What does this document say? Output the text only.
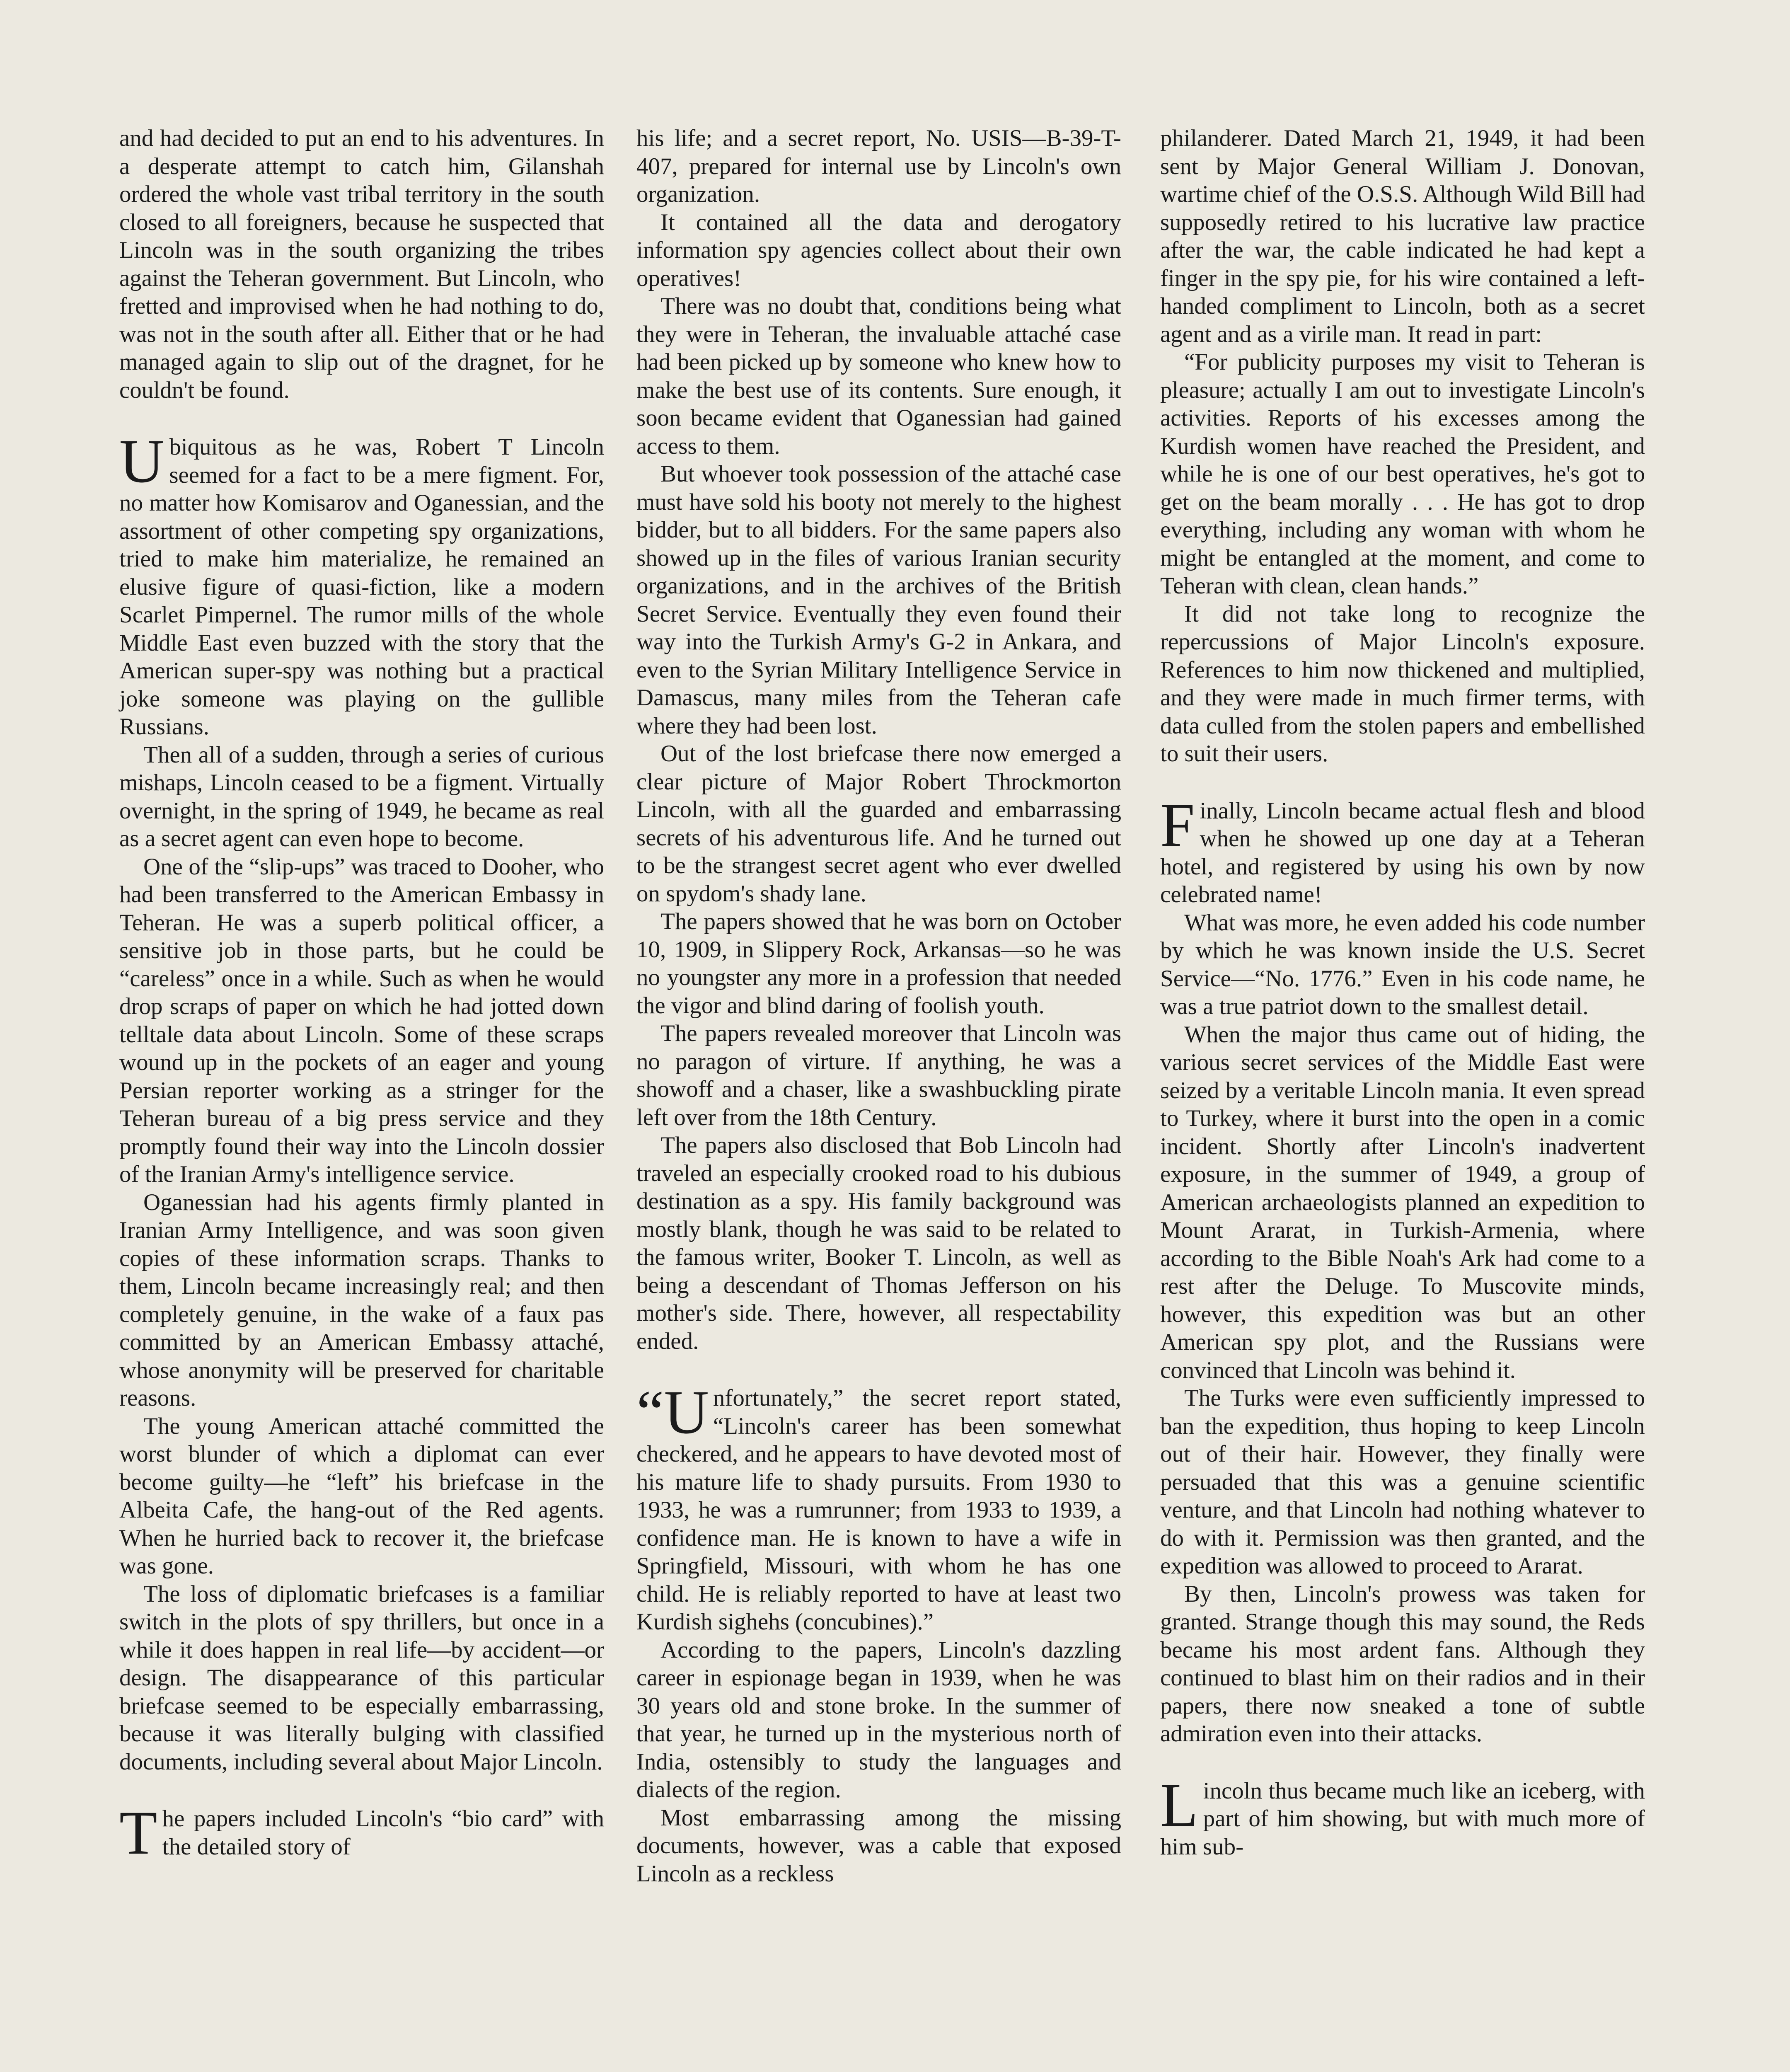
and had decided to put an end to his adventures. In a desperate attempt to catch him, Gilanshah ordered the whole vast tribal territory in the south closed to all foreigners, because he suspected that Lincoln was in the south organizing the tribes against the Teheran government. But Lincoln, who fretted and improvised when he had nothing to do, was not in the south after all. Either that or he had managed again to slip out of the dragnet, for he couldn't be found.

Ubiquitous as he was, Robert T Lincoln seemed for a fact to be a mere figment. For, no matter how Komisarov and Oganessian, and the assortment of other competing spy organizations, tried to make him materialize, he remained an elusive figure of quasi-fiction, like a modern Scarlet Pimpernel. The rumor mills of the whole Middle East even buzzed with the story that the American super-spy was nothing but a practical joke someone was playing on the gullible Russians.

Then all of a sudden, through a series of curious mishaps, Lincoln ceased to be a figment. Virtually overnight, in the spring of 1949, he became as real as a secret agent can even hope to become.

One of the “slip-ups” was traced to Dooher, who had been transferred to the American Embassy in Teheran. He was a superb political officer, a sensitive job in those parts, but he could be “careless” once in a while. Such as when he would drop scraps of paper on which he had jotted down telltale data about Lincoln. Some of these scraps wound up in the pockets of an eager and young Persian reporter working as a stringer for the Teheran bureau of a big press service and they promptly found their way into the Lincoln dossier of the Iranian Army's intelligence service.

Oganessian had his agents firmly planted in Iranian Army Intelligence, and was soon given copies of these information scraps. Thanks to them, Lincoln became increasingly real; and then completely genuine, in the wake of a faux pas committed by an American Embassy attaché, whose anonymity will be preserved for charitable reasons.

The young American attaché committed the worst blunder of which a diplomat can ever become guilty—he “left” his briefcase in the Albeita Cafe, the hang-out of the Red agents. When he hurried back to recover it, the briefcase was gone.

The loss of diplomatic briefcases is a familiar switch in the plots of spy thrillers, but once in a while it does happen in real life—by accident—or design. The disappearance of this particular briefcase seemed to be especially embarrassing, because it was literally bulging with classified documents, including several about Major Lincoln.

The papers included Lincoln's “bio card” with the detailed story of

his life; and a secret report, No. USIS—B-39-T-407, prepared for internal use by Lincoln's own organization.

It contained all the data and derogatory information spy agencies collect about their own operatives!

There was no doubt that, conditions being what they were in Teheran, the invaluable attaché case had been picked up by someone who knew how to make the best use of its contents. Sure enough, it soon became evident that Oganessian had gained access to them.

But whoever took possession of the attaché case must have sold his booty not merely to the highest bidder, but to all bidders. For the same papers also showed up in the files of various Iranian security organizations, and in the archives of the British Secret Service. Eventually they even found their way into the Turkish Army's G-2 in Ankara, and even to the Syrian Military Intelligence Service in Damascus, many miles from the Teheran cafe where they had been lost.

Out of the lost briefcase there now emerged a clear picture of Major Robert Throckmorton Lincoln, with all the guarded and embarrassing secrets of his adventurous life. And he turned out to be the strangest secret agent who ever dwelled on spydom's shady lane.

The papers showed that he was born on October 10, 1909, in Slippery Rock, Arkansas—so he was no youngster any more in a profession that needed the vigor and blind daring of foolish youth.

The papers revealed moreover that Lincoln was no paragon of virture. If anything, he was a showoff and a chaser, like a swashbuckling pirate left over from the 18th Century.

The papers also disclosed that Bob Lincoln had traveled an especially crooked road to his dubious destination as a spy. His family background was mostly blank, though he was said to be related to the famous writer, Booker T. Lincoln, as well as being a descendant of Thomas Jefferson on his mother's side. There, however, all respectability ended.

“Unfortunately,” the secret report stated, “Lincoln's career has been somewhat checkered, and he appears to have devoted most of his mature life to shady pursuits. From 1930 to 1933, he was a rumrunner; from 1933 to 1939, a confidence man. He is known to have a wife in Springfield, Missouri, with whom he has one child. He is reliably reported to have at least two Kurdish sighehs (concubines).”

According to the papers, Lincoln's dazzling career in espionage began in 1939, when he was 30 years old and stone broke. In the summer of that year, he turned up in the mysterious north of India, ostensibly to study the languages and dialects of the region.

Most embarrassing among the missing documents, however, was a cable that exposed Lincoln as a reckless

philanderer. Dated March 21, 1949, it had been sent by Major General William J. Donovan, wartime chief of the O.S.S. Although Wild Bill had supposedly retired to his lucrative law practice after the war, the cable indicated he had kept a finger in the spy pie, for his wire contained a left-handed compliment to Lincoln, both as a secret agent and as a virile man. It read in part:

“For publicity purposes my visit to Teheran is pleasure; actually I am out to investigate Lincoln's activities. Reports of his excesses among the Kurdish women have reached the President, and while he is one of our best operatives, he's got to get on the beam morally . . . He has got to drop everything, including any woman with whom he might be entangled at the moment, and come to Teheran with clean, clean hands.”

It did not take long to recognize the repercussions of Major Lincoln's exposure. References to him now thickened and multiplied, and they were made in much firmer terms, with data culled from the stolen papers and embellished to suit their users.

Finally, Lincoln became actual flesh and blood when he showed up one day at a Teheran hotel, and registered by using his own by now celebrated name!

What was more, he even added his code number by which he was known inside the U.S. Secret Service—“No. 1776.” Even in his code name, he was a true patriot down to the smallest detail.

When the major thus came out of hiding, the various secret services of the Middle East were seized by a veritable Lincoln mania. It even spread to Turkey, where it burst into the open in a comic incident. Shortly after Lincoln's inadvertent exposure, in the summer of 1949, a group of American archaeologists planned an expedition to Mount Ararat, in Turkish-Armenia, where according to the Bible Noah's Ark had come to a rest after the Deluge. To Muscovite minds, however, this expedition was but an other American spy plot, and the Russians were convinced that Lincoln was behind it.

The Turks were even sufficiently impressed to ban the expedition, thus hoping to keep Lincoln out of their hair. However, they finally were persuaded that this was a genuine scientific venture, and that Lincoln had nothing whatever to do with it. Permission was then granted, and the expedition was allowed to proceed to Ararat.

By then, Lincoln's prowess was taken for granted. Strange though this may sound, the Reds became his most ardent fans. Although they continued to blast him on their radios and in their papers, there now sneaked a tone of subtle admiration even into their attacks.

Lincoln thus became much like an iceberg, with part of him showing, but with much more of him sub-
